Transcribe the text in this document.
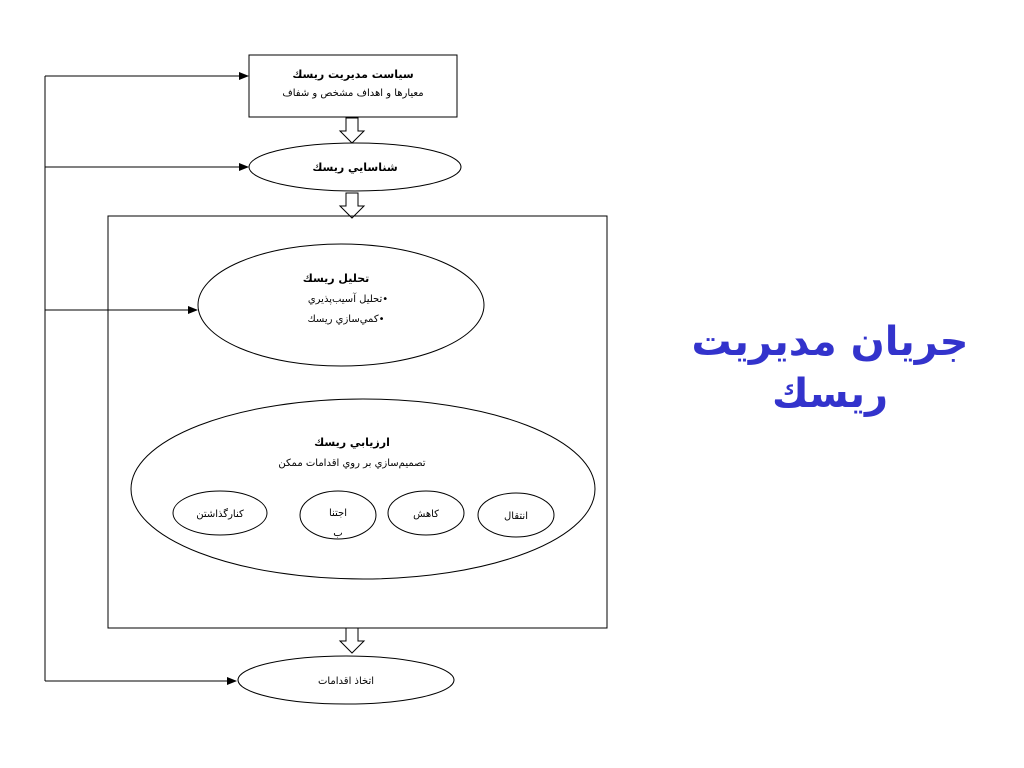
سياست مديريت ريسك
معيارها و اهداف مشخص و شفاف
شناسايي ريسك
تحليل ريسك
•تحليل آسيب‌پذيري
•كمي‌سازي ريسك
ارزيابي ريسك
تصميم‌سازي بر روي اقدامات ممكن
انتقال
كاهش
اجتنا
ب
كنارگذاشتن
اتخاذ اقدامات
جريان مديريت
ريسك
